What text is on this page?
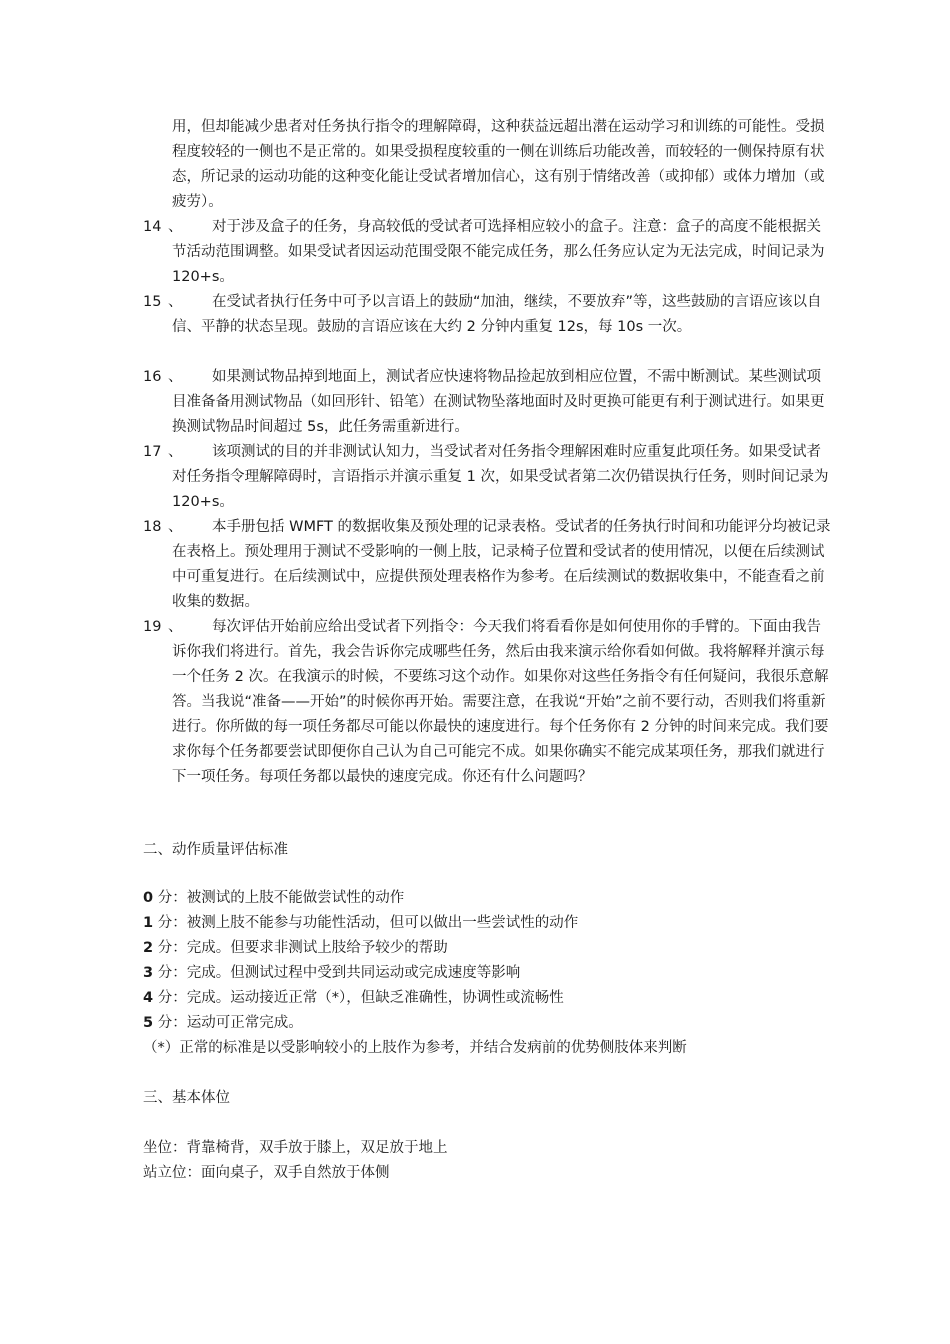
用，但却能减少患者对任务执行指令的理解障碍，这种获益远超出潜在运动学习和训练的可能性。受损程度较轻的一侧也不是正常的。如果受损程度较重的一侧在训练后功能改善，而较轻的一侧保持原有状态，所记录的运动功能的这种变化能让受试者增加信心，这有别于情绪改善（或抑郁）或体力增加（或疲劳）。
14 、	对于涉及盒子的任务，身高较低的受试者可选择相应较小的盒子。注意：盒子的高度不能根据关节活动范围调整。如果受试者因运动范围受限不能完成任务，那么任务应认定为无法完成，时间记录为 120+s。
15 、	在受试者执行任务中可予以言语上的鼓励“加油，继续，不要放弃”等，这些鼓励的言语应该以自信、平静的状态呈现。鼓励的言语应该在大约 2 分钟内重复 12s，每 10s 一次。
16 、	如果测试物品掉到地面上，测试者应快速将物品捡起放到相应位置，不需中断测试。某些测试项目准备备用测试物品（如回形针、铅笔）在测试物坠落地面时及时更换可能更有利于测试进行。如果更换测试物品时间超过 5s，此任务需重新进行。
17 、	该项测试的目的并非测试认知力，当受试者对任务指令理解困难时应重复此项任务。如果受试者对任务指令理解障碍时，言语指示并演示重复 1 次，如果受试者第二次仍错误执行任务，则时间记录为 120+s。
18 、	本手册包括 WMFT 的数据收集及预处理的记录表格。受试者的任务执行时间和功能评分均被记录在表格上。预处理用于测试不受影响的一侧上肢，记录椅子位置和受试者的使用情况，以便在后续测试中可重复进行。在后续测试中，应提供预处理表格作为参考。在后续测试的数据收集中，不能查看之前收集的数据。
19 、	每次评估开始前应给出受试者下列指令：今天我们将看看你是如何使用你的手臂的。下面由我告诉你我们将进行。首先，我会告诉你完成哪些任务，然后由我来演示给你看如何做。我将解释并演示每一个任务 2 次。在我演示的时候，不要练习这个动作。如果你对这些任务指令有任何疑问，我很乐意解答。当我说“准备——开始”的时候你再开始。需要注意，在我说“开始”之前不要行动，否则我们将重新进行。你所做的每一项任务都尽可能以你最快的速度进行。每个任务你有 2 分钟的时间来完成。我们要求你每个任务都要尝试即便你自己认为自己可能完不成。如果你确实不能完成某项任务，那我们就进行下一项任务。每项任务都以最快的速度完成。你还有什么问题吗？
二、动作质量评估标准
0 分：被测试的上肢不能做尝试性的动作
1 分：被测上肢不能参与功能性活动，但可以做出一些尝试性的动作
2 分：完成。但要求非测试上肢给予较少的帮助
3 分：完成。但测试过程中受到共同运动或完成速度等影响
4 分：完成。运动接近正常（*），但缺乏准确性，协调性或流畅性
5 分：运动可正常完成。
（*）正常的标准是以受影响较小的上肢作为参考，并结合发病前的优势侧肢体来判断
三、基本体位
坐位：背靠椅背，双手放于膝上，双足放于地上
站立位：面向桌子，双手自然放于体侧
